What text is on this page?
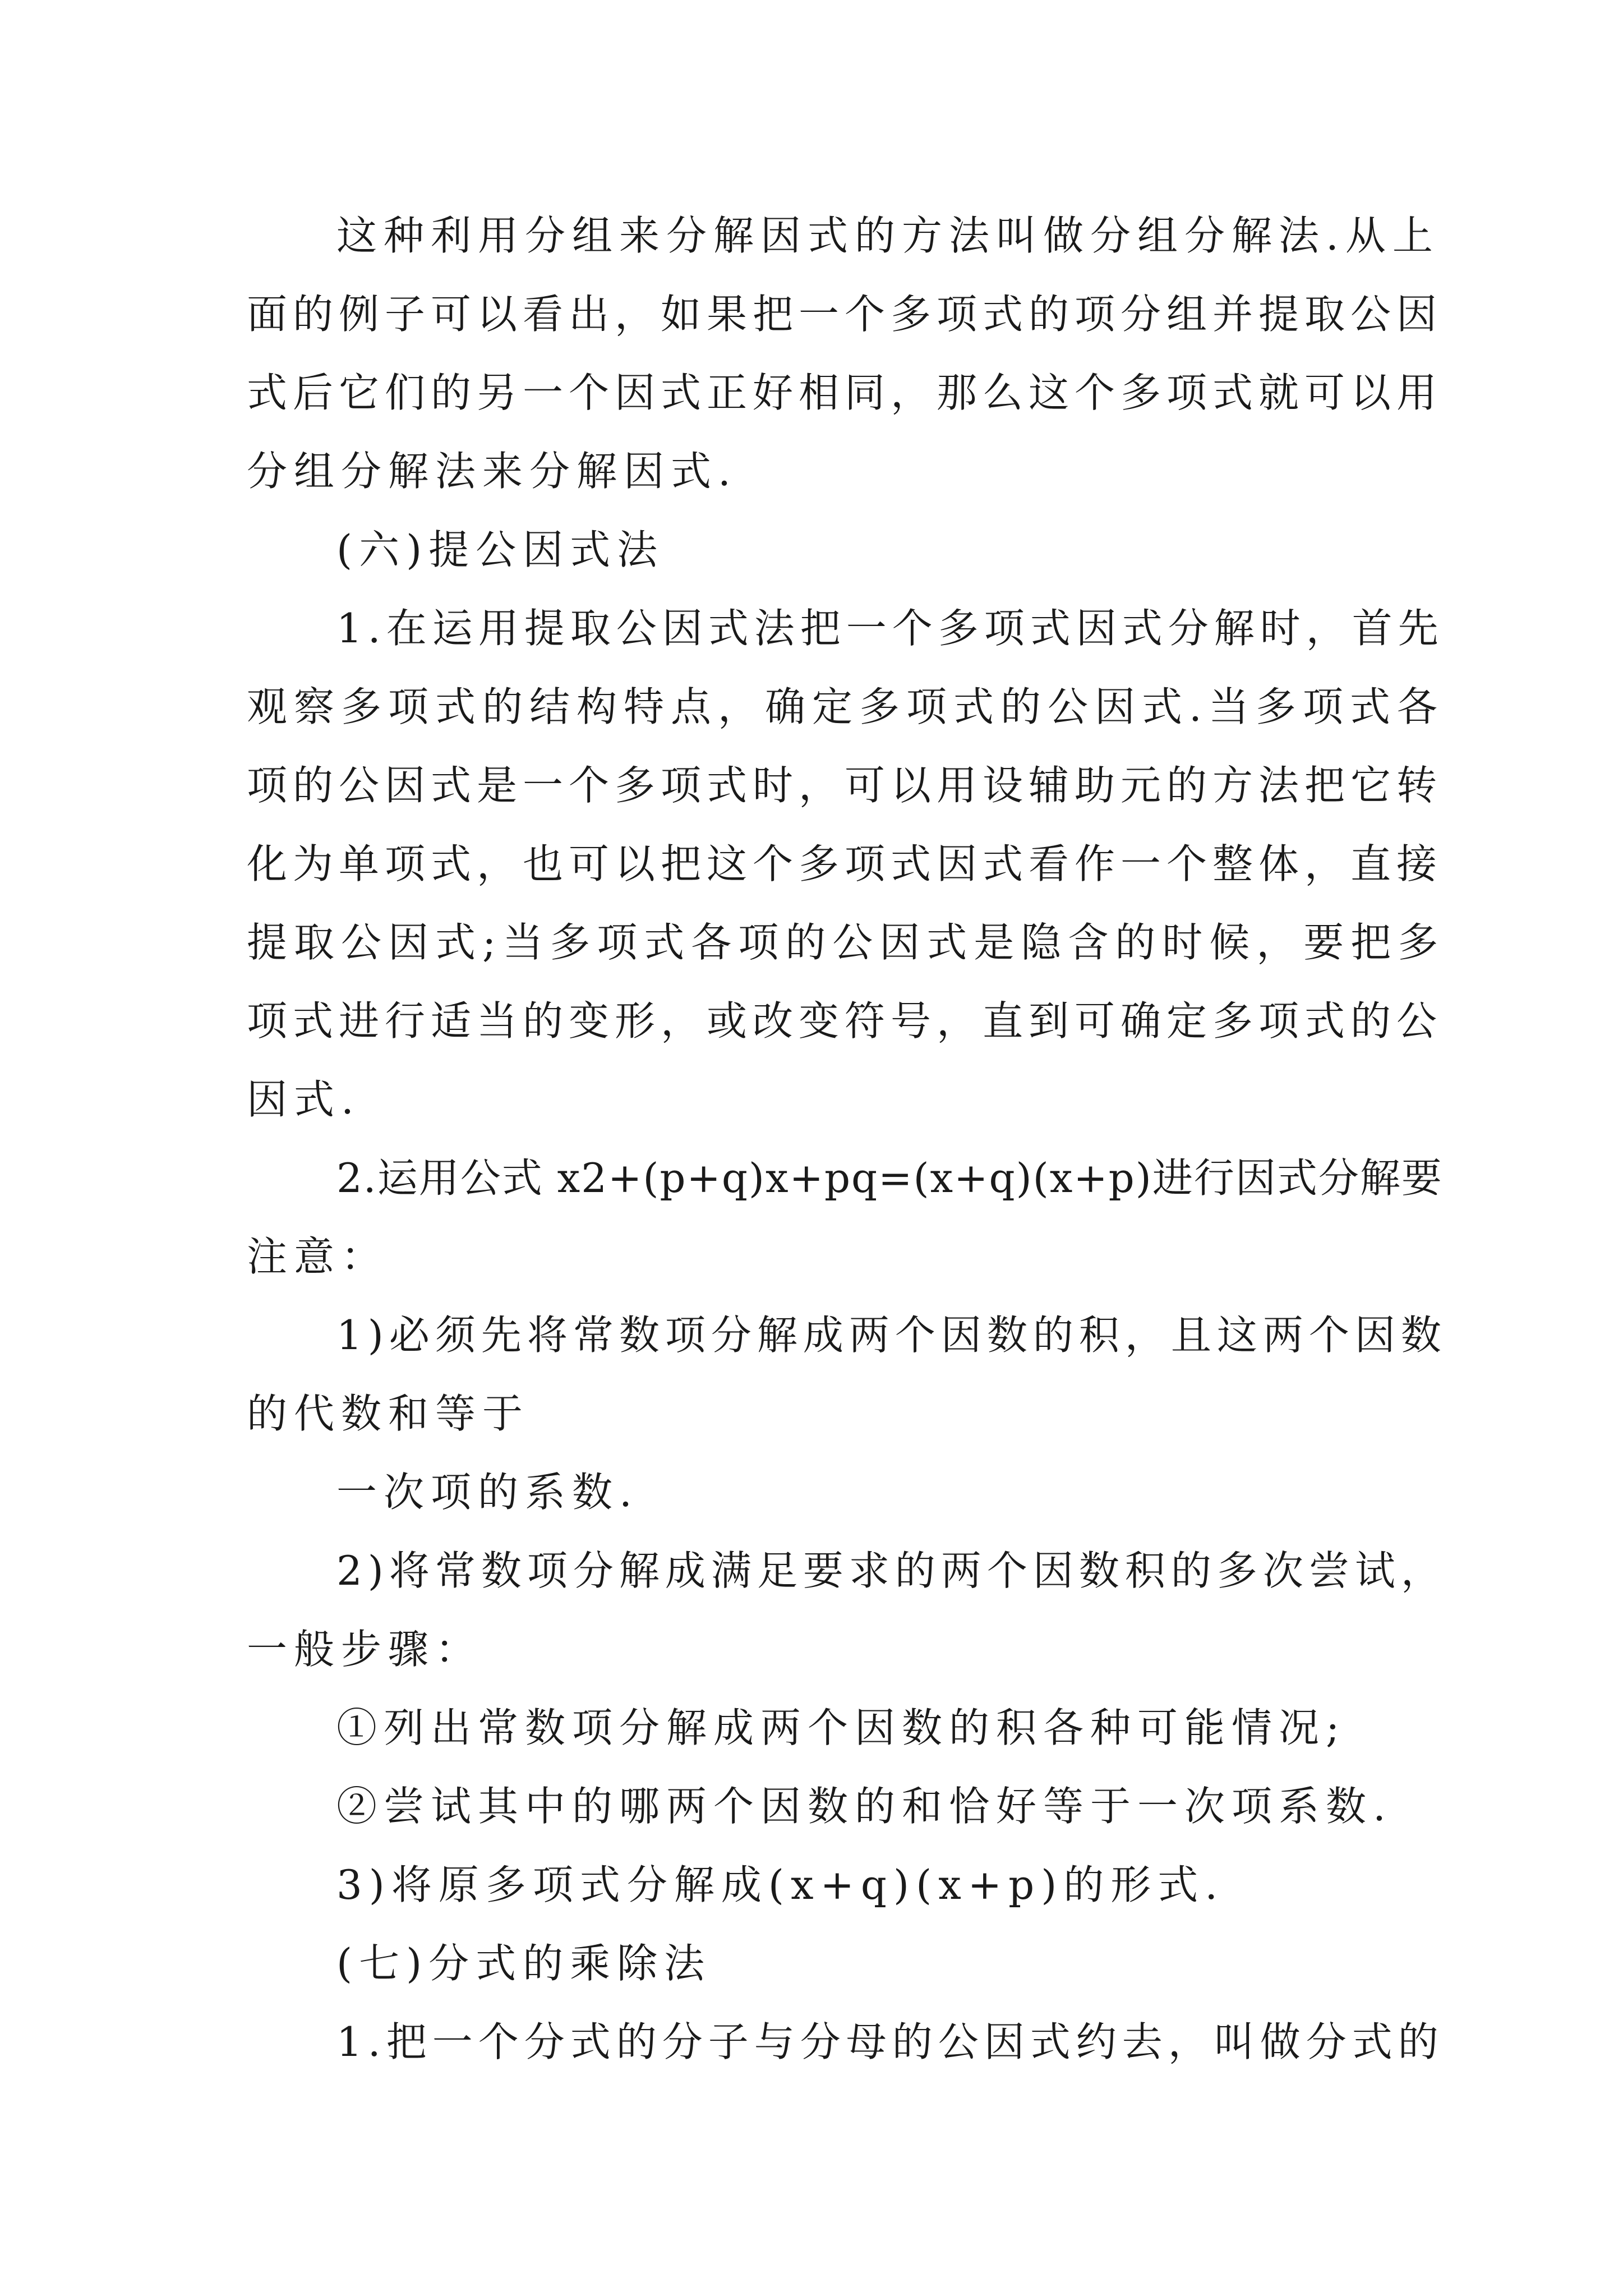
这种利用分组来分解因式的方法叫做分组分解法.从上
面的例子可以看出，如果把一个多项式的项分组并提取公因
式后它们的另一个因式正好相同，那么这个多项式就可以用
分组分解法来分解因式.
(六)提公因式法
1.在运用提取公因式法把一个多项式因式分解时，首先
观察多项式的结构特点，确定多项式的公因式.当多项式各
项的公因式是一个多项式时，可以用设辅助元的方法把它转
化为单项式，也可以把这个多项式因式看作一个整体，直接
提取公因式;当多项式各项的公因式是隐含的时候，要把多
项式进行适当的变形，或改变符号，直到可确定多项式的公
因式.
2.运用公式 x2+(p+q)x+pq=(x+q)(x+p)进行因式分解要
注意：
1)必须先将常数项分解成两个因数的积，且这两个因数
的代数和等于
一次项的系数.
2)将常数项分解成满足要求的两个因数积的多次尝试，
一般步骤：
①列出常数项分解成两个因数的积各种可能情况;
②尝试其中的哪两个因数的和恰好等于一次项系数.
3)将原多项式分解成(x+q)(x+p)的形式.
(七)分式的乘除法
1.把一个分式的分子与分母的公因式约去，叫做分式的
